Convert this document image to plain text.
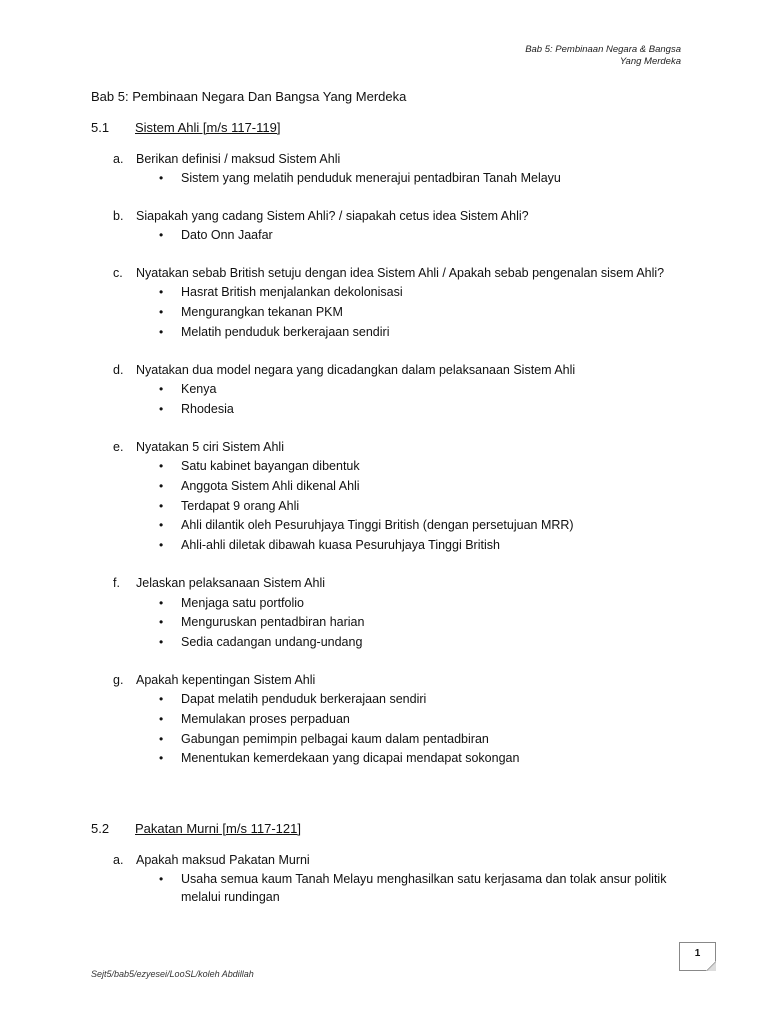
Bab 5: Pembinaan Negara & Bangsa
Yang Merdeka
Bab 5: Pembinaan Negara Dan Bangsa Yang Merdeka
5.1	Sistem Ahli [m/s 117-119]
a.	Berikan definisi / maksud Sistem Ahli
•	Sistem yang melatih penduduk menerajui pentadbiran Tanah Melayu
b.	Siapakah yang cadang Sistem Ahli? / siapakah cetus idea Sistem Ahli?
•	Dato Onn Jaafar
c.	Nyatakan sebab British setuju dengan idea Sistem Ahli / Apakah sebab pengenalan sisem Ahli?
•	Hasrat British menjalankan dekolonisasi
•	Mengurangkan tekanan PKM
•	Melatih penduduk berkerajaan sendiri
d.	Nyatakan dua model negara yang dicadangkan dalam pelaksanaan Sistem Ahli
•	Kenya
•	Rhodesia
e.	Nyatakan 5 ciri Sistem Ahli
•	Satu kabinet bayangan dibentuk
•	Anggota Sistem Ahli dikenal Ahli
•	Terdapat 9 orang Ahli
•	Ahli dilantik oleh Pesuruhjaya Tinggi British (dengan persetujuan MRR)
•	Ahli-ahli diletak dibawah kuasa Pesuruhjaya Tinggi British
f.	Jelaskan pelaksanaan Sistem Ahli
•	Menjaga satu portfolio
•	Menguruskan pentadbiran harian
•	Sedia cadangan undang-undang
g.	Apakah kepentingan Sistem Ahli
•	Dapat melatih penduduk berkerajaan sendiri
•	Memulakan proses perpaduan
•	Gabungan pemimpin pelbagai kaum dalam pentadbiran
•	Menentukan kemerdekaan yang dicapai mendapat sokongan
5.2	Pakatan Murni [m/s 117-121]
a.	Apakah maksud Pakatan Murni
•	Usaha semua kaum Tanah Melayu menghasilkan satu kerjasama dan tolak ansur politik melalui rundingan
Sejt5/bab5/ezyesei/LooSL/koleh Abdillah
1
